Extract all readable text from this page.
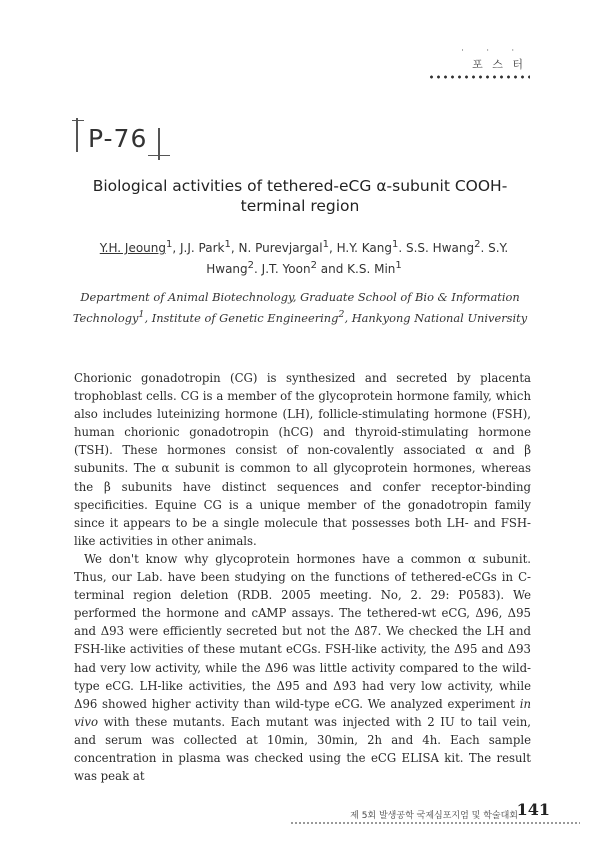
· · ·
포 스 터
P-76
Biological activities of tethered-eCG α-subunit COOH-
terminal region
Y.H. Jeoung$^1$, J.J. Park$^1$, N. Purevjargal$^1$, H.Y. Kang$^1$. S.S. Hwang$^2$. S.Y.
Hwang$^2$. J.T. Yoon$^2$ and K.S. Min$^1$
Department of Animal Biotechnology, Graduate School of Bio & Information
Technology$^1$, Institute of Genetic Engineering$^2$, Hankyong National University

Chorionic gonadotropin (CG) is synthesized and secreted by placenta trophoblast cells. CG is a member of the glycoprotein hormone family, which also includes luteinizing hormone (LH), follicle-stimulating hormone (FSH), human chorionic gonadotropin (hCG) and thyroid-stimulating hormone (TSH). These hormones consist of non-covalently associated α and β subunits. The α subunit is common to all glycoprotein hormones, whereas the β subunits have distinct sequences and confer receptor-binding specificities. Equine CG is a unique member of the gonadotropin family since it appears to be a single molecule that possesses both LH- and FSH-like activities in other animals.

We don't know why glycoprotein hormones have a common α subunit. Thus, our Lab. have been studying on the functions of tethered-eCGs in C-terminal region deletion (RDB. 2005 meeting. No, 2. 29: P0583). We performed the hormone and cAMP assays. The tethered-wt eCG, Δ96, Δ95 and Δ93 were efficiently secreted but not the Δ87. We checked the LH and FSH-like activities of these mutant eCGs. FSH-like activity, the Δ95 and Δ93 had very low activity, while the Δ96 was little activity compared to the wild-type eCG. LH-like activities, the Δ95 and Δ93 had very low activity, while Δ96 showed higher activity than wild-type eCG. We analyzed experiment in vivo with these mutants. Each mutant was injected with 2 IU to tail vein, and serum was collected at 10min, 30min, 2h and 4h. Each sample concentration in plasma was checked using the eCG ELISA kit. The result was peak at

제 5회 발생공학 국제심포지엄 및 학술대회
141
